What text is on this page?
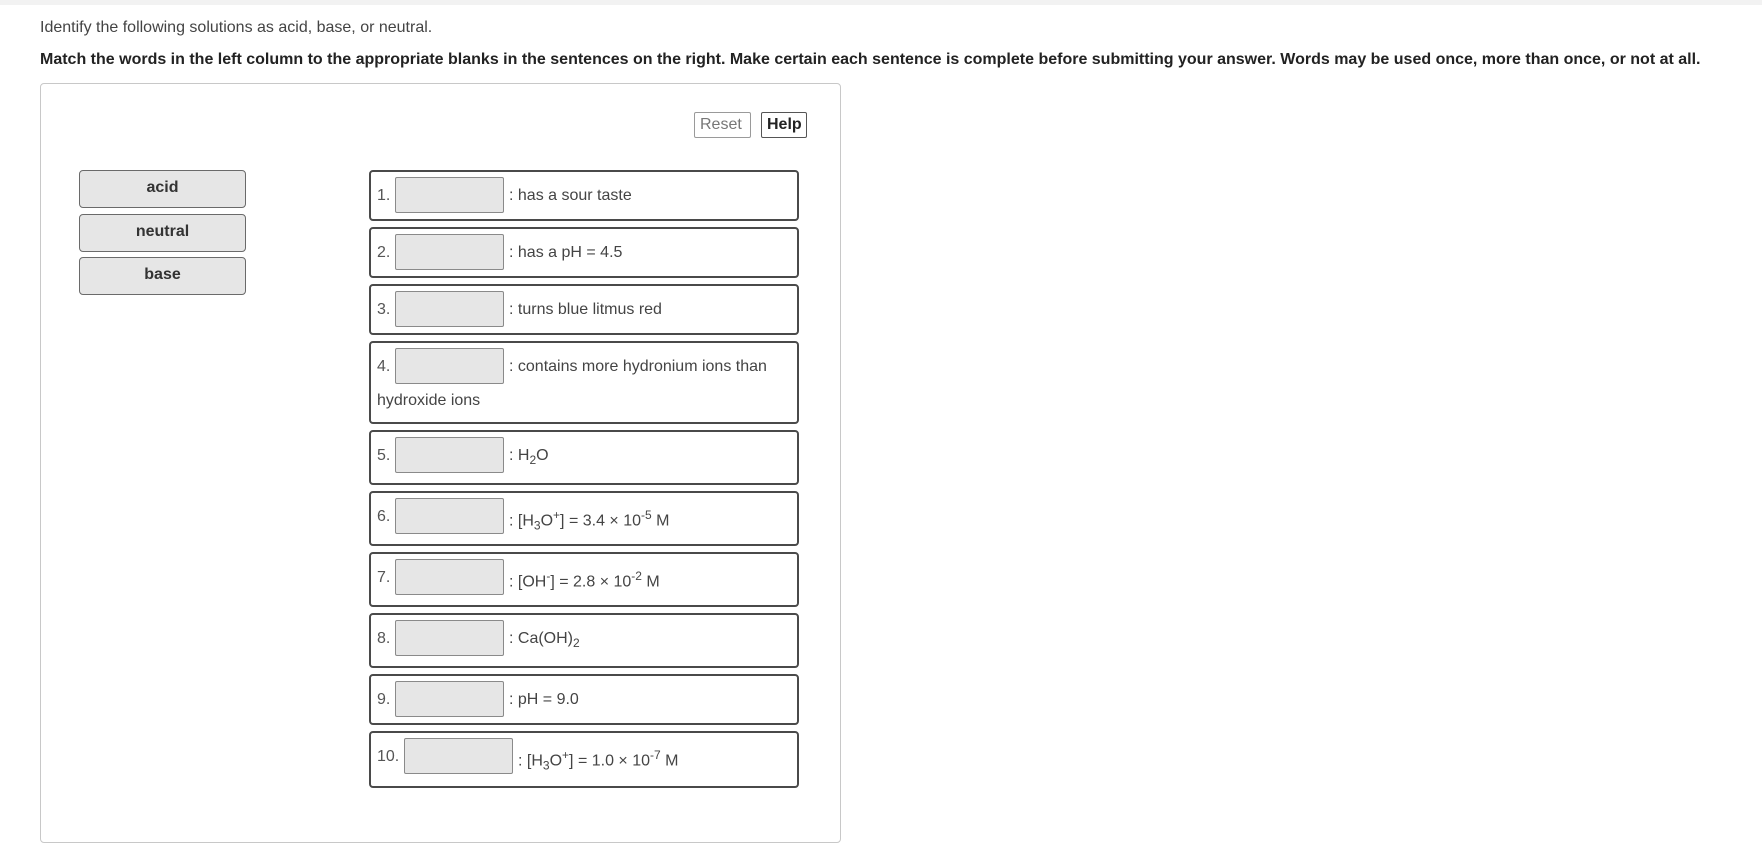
Identify the following solutions as acid, base, or neutral.
Match the words in the left column to the appropriate blanks in the sentences on the right. Make certain each sentence is complete before submitting your answer. Words may be used once, more than once, or not at all.
Reset	Help
acid
neutral
base
1.	: has a sour taste
2.	: has a pH = 4.5
3.	: turns blue litmus red
4.	: contains more hydronium ions than
hydroxide ions
5.	: $H_2O$
6.	: $[H_3O^+] = 3.4 \times 10^{-5}$ M
7.	: $[OH^-] = 2.8 \times 10^{-2}$ M
8.	: $Ca(OH)_2$
9.	: pH = 9.0
10.	: $[H_3O^+] = 1.0 \times 10^{-7}$ M
